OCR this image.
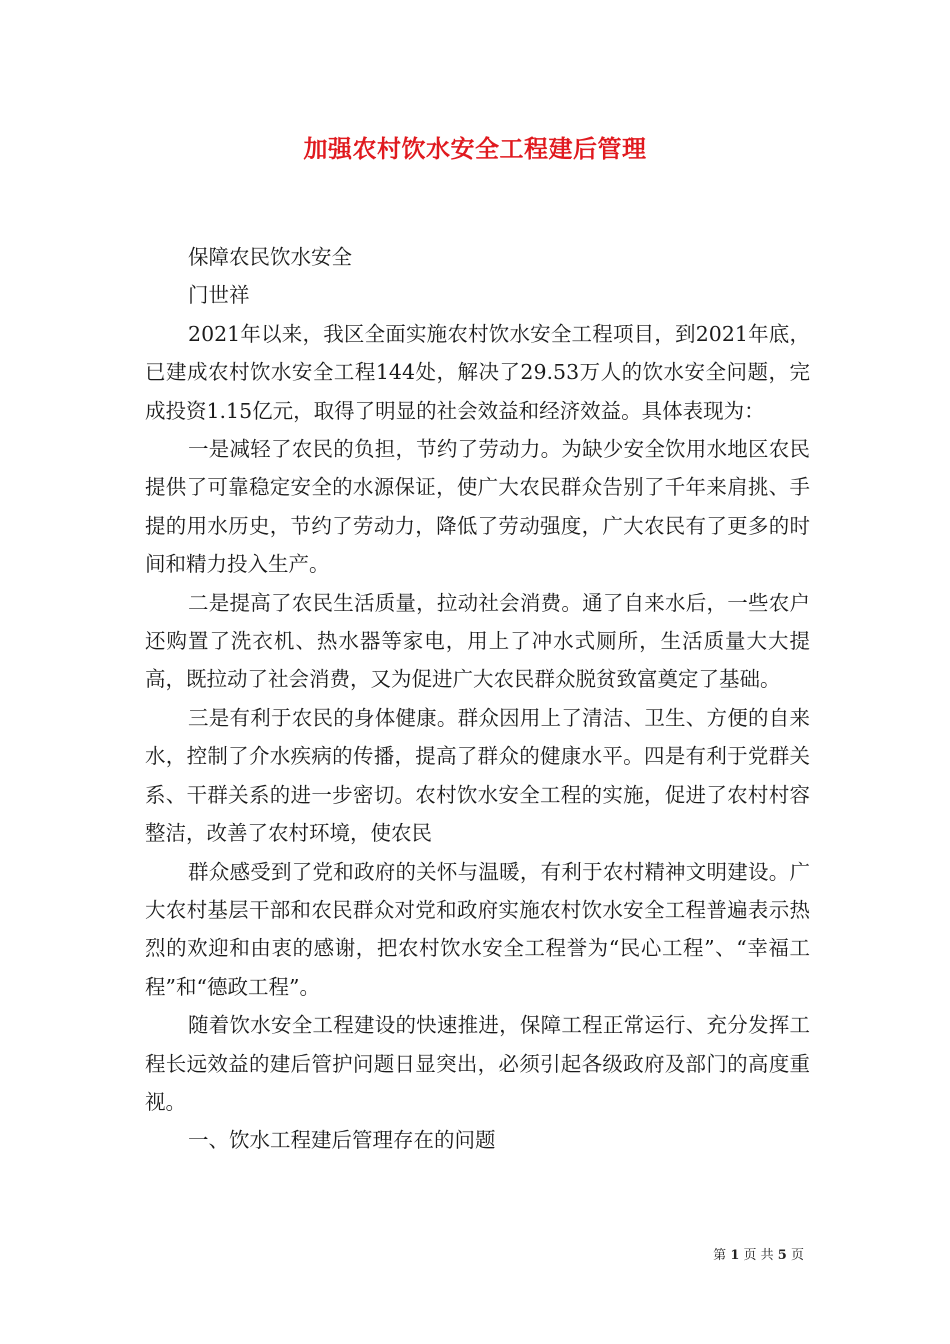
加强农村饮水安全工程建后管理

保障农民饮水安全

门世祥

2021年以来，我区全面实施农村饮水安全工程项目，到2021年底，已建成农村饮水安全工程144处，解决了29.53万人的饮水安全问题，完成投资1.15亿元，取得了明显的社会效益和经济效益。具体表现为：

一是减轻了农民的负担，节约了劳动力。为缺少安全饮用水地区农民提供了可靠稳定安全的水源保证，使广大农民群众告别了千年来肩挑、手提的用水历史，节约了劳动力，降低了劳动强度，广大农民有了更多的时间和精力投入生产。

二是提高了农民生活质量，拉动社会消费。通了自来水后，一些农户还购置了洗衣机、热水器等家电，用上了冲水式厕所，生活质量大大提高，既拉动了社会消费，又为促进广大农民群众脱贫致富奠定了基础。

三是有利于农民的身体健康。群众因用上了清洁、卫生、方便的自来水，控制了介水疾病的传播，提高了群众的健康水平。四是有利于党群关系、干群关系的进一步密切。农村饮水安全工程的实施，促进了农村村容整洁，改善了农村环境，使农民

群众感受到了党和政府的关怀与温暖，有利于农村精神文明建设。广大农村基层干部和农民群众对党和政府实施农村饮水安全工程普遍表示热烈的欢迎和由衷的感谢，把农村饮水安全工程誉为“民心工程”、“幸福工程”和“德政工程”。

随着饮水安全工程建设的快速推进，保障工程正常运行、充分发挥工程长远效益的建后管护问题日显突出，必须引起各级政府及部门的高度重视。

一、饮水工程建后管理存在的问题

第 1 页 共 5 页
